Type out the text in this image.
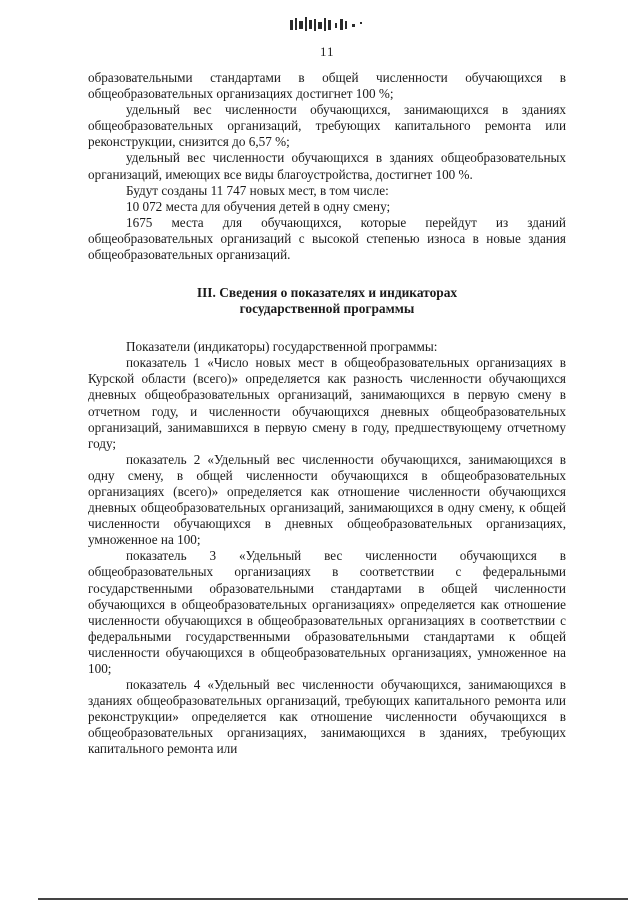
11

образовательными стандартами в общей численности обучающихся в общеобразовательных организациях достигнет 100 %;

удельный вес численности обучающихся, занимающихся в зданиях общеобразовательных организаций, требующих капитального ремонта или реконструкции, снизится до 6,57 %;

удельный вес численности обучающихся в зданиях общеобразовательных организаций, имеющих все виды благоустройства, достигнет 100 %.

Будут созданы 11 747 новых мест, в том числе:

10 072 места для обучения детей в одну смену;

1675 места для обучающихся, которые перейдут из зданий общеобразовательных организаций с высокой степенью износа в новые здания общеобразовательных организаций.

III. Сведения о показателях и индикаторах
государственной программы

Показатели (индикаторы) государственной программы:

показатель 1 «Число новых мест в общеобразовательных организациях в Курской области (всего)» определяется как разность численности обучающихся дневных общеобразовательных организаций, занимающихся в первую смену в отчетном году, и численности обучающихся дневных общеобразовательных организаций, занимавшихся в первую смену в году, предшествующему отчетному году;

показатель 2 «Удельный вес численности обучающихся, занимающихся в одну смену, в общей численности обучающихся в общеобразовательных организациях (всего)» определяется как отношение численности обучающихся дневных общеобразовательных организаций, занимающихся в одну смену, к общей численности обучающихся в дневных общеобразовательных организациях, умноженное на 100;

показатель 3 «Удельный вес численности обучающихся в общеобразовательных организациях в соответствии с федеральными государственными образовательными стандартами в общей численности обучающихся в общеобразовательных организациях» определяется как отношение численности обучающихся в общеобразовательных организациях в соответствии с федеральными государственными образовательными стандартами к общей численности обучающихся в общеобразовательных организациях, умноженное на 100;

показатель 4 «Удельный вес численности обучающихся, занимающихся в зданиях общеобразовательных организаций, требующих капитального ремонта или реконструкции» определяется как отношение численности обучающихся в общеобразовательных организациях, занимающихся в зданиях, требующих капитального ремонта или
